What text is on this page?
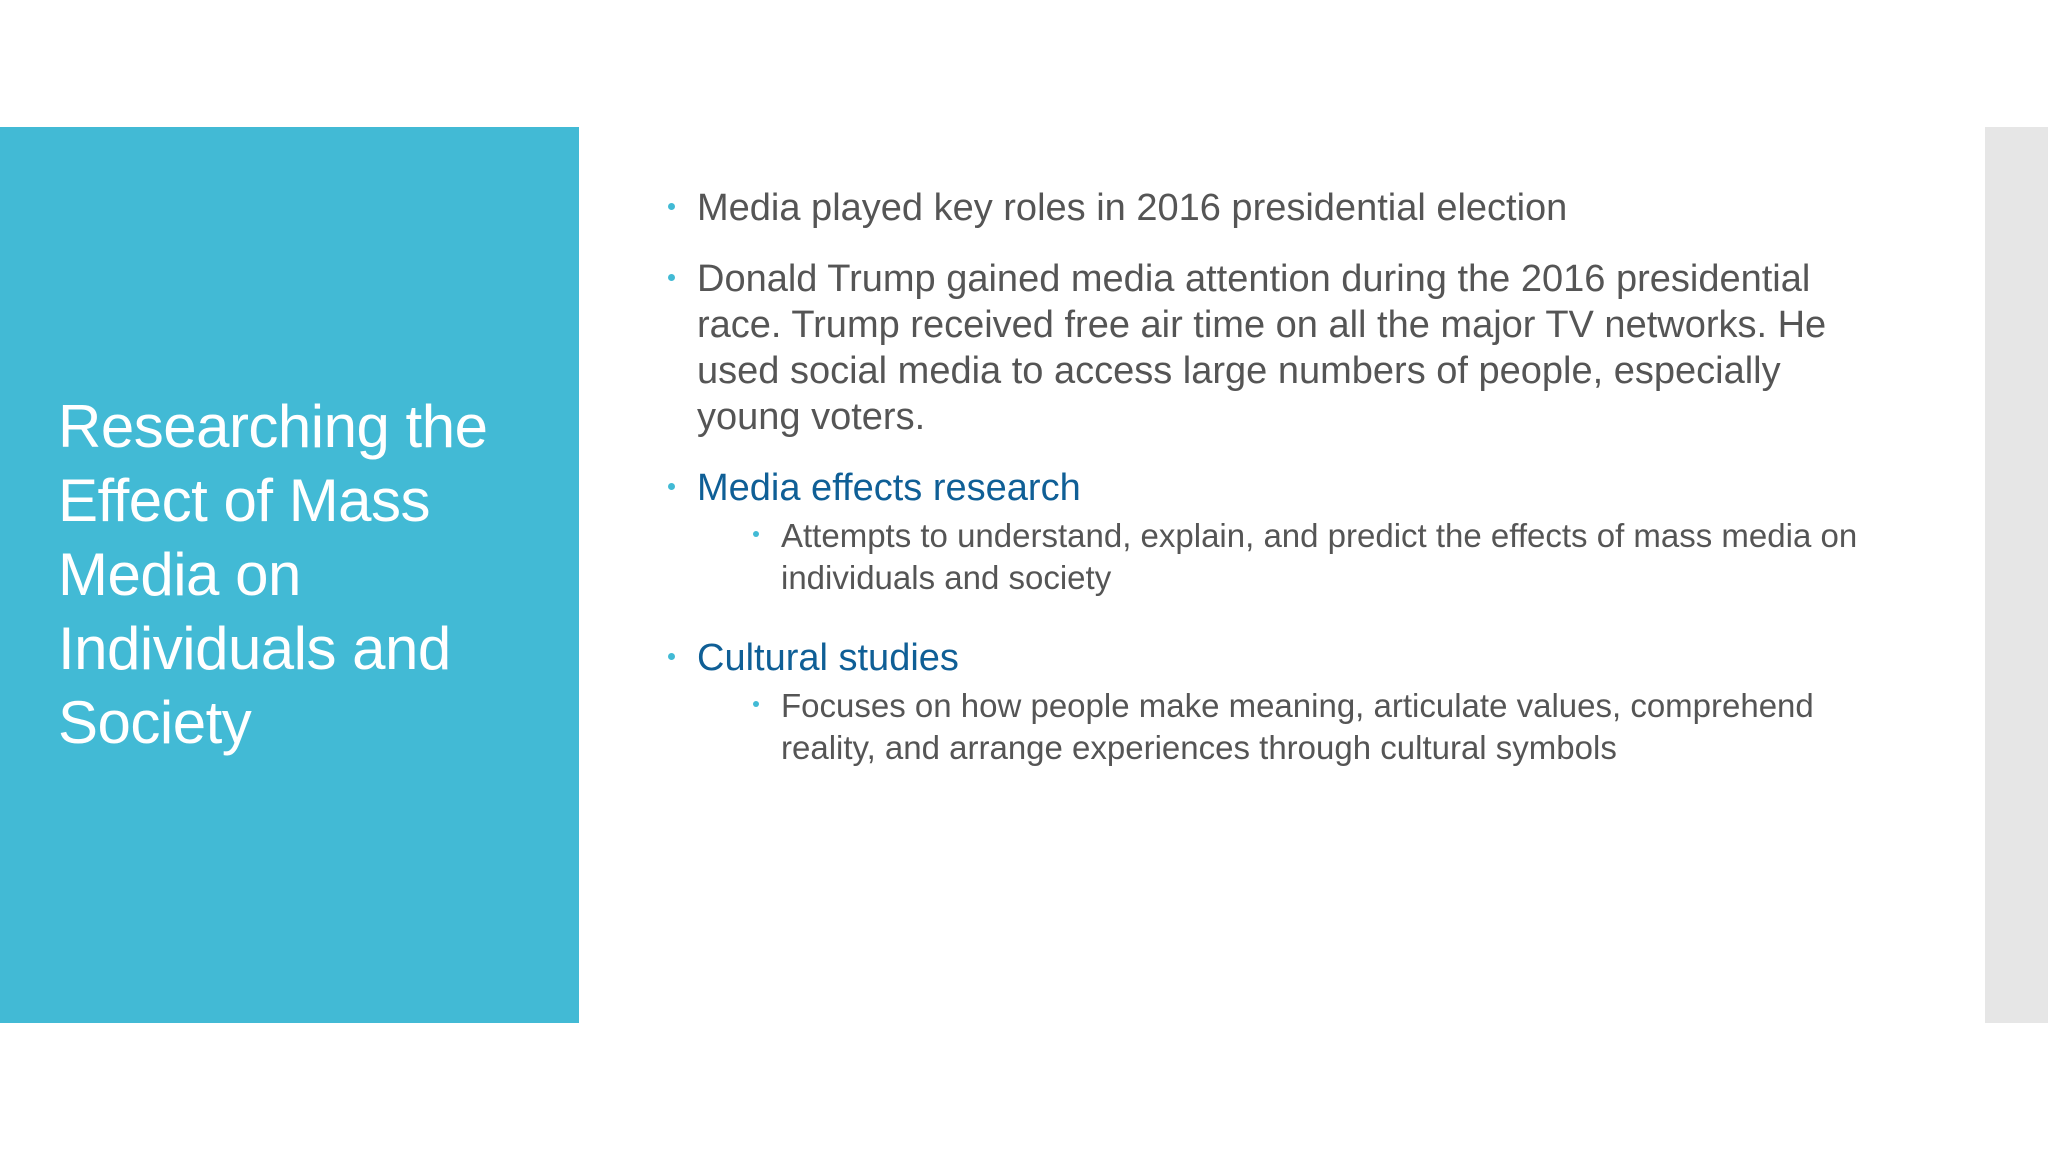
Researching the Effect of Mass Media on Individuals and Society

Media played key roles in 2016 presidential election

Donald Trump gained media attention during the 2016 presidential race. Trump received free air time on all the major TV networks. He used social media to access large numbers of people, especially young voters.

Media effects research

Attempts to understand, explain, and predict the effects of mass media on individuals and society

Cultural studies

Focuses on how people make meaning, articulate values, comprehend reality, and arrange experiences through cultural symbols
